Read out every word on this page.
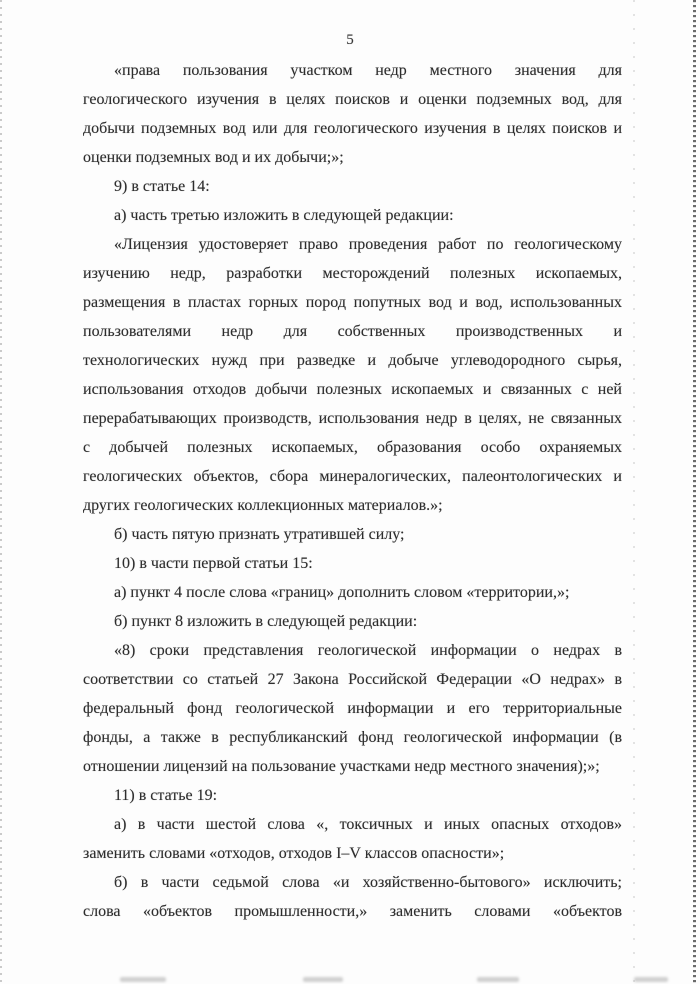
5
«права пользования участком недр местного значения для
геологического изучения в целях поисков и оценки подземных вод, для
добычи подземных вод или для геологического изучения в целях поисков и
оценки подземных вод и их добычи;»;
9) в статье 14:
а) часть третью изложить в следующей редакции:
«Лицензия удостоверяет право проведения работ по геологическому
изучению недр, разработки месторождений полезных ископаемых,
размещения в пластах горных пород попутных вод и вод, использованных
пользователями недр для собственных производственных и
технологических нужд при разведке и добыче углеводородного сырья,
использования отходов добычи полезных ископаемых и связанных с ней
перерабатывающих производств, использования недр в целях, не связанных
с добычей полезных ископаемых, образования особо охраняемых
геологических объектов, сбора минералогических, палеонтологических и
других геологических коллекционных материалов.»;
б) часть пятую признать утратившей силу;
10) в части первой статьи 15:
а) пункт 4 после слова «границ» дополнить словом «территории,»;
б) пункт 8 изложить в следующей редакции:
«8) сроки представления геологической информации о недрах в
соответствии со статьей 27 Закона Российской Федерации «О недрах» в
федеральный фонд геологической информации и его территориальные
фонды, а также в республиканский фонд геологической информации (в
отношении лицензий на пользование участками недр местного значения);»;
11) в статье 19:
а) в части шестой слова «, токсичных и иных опасных отходов»
заменить словами «отходов, отходов I–V классов опасности»;
б) в части седьмой слова «и хозяйственно-бытового» исключить;
слова «объектов промышленности,» заменить словами «объектов
